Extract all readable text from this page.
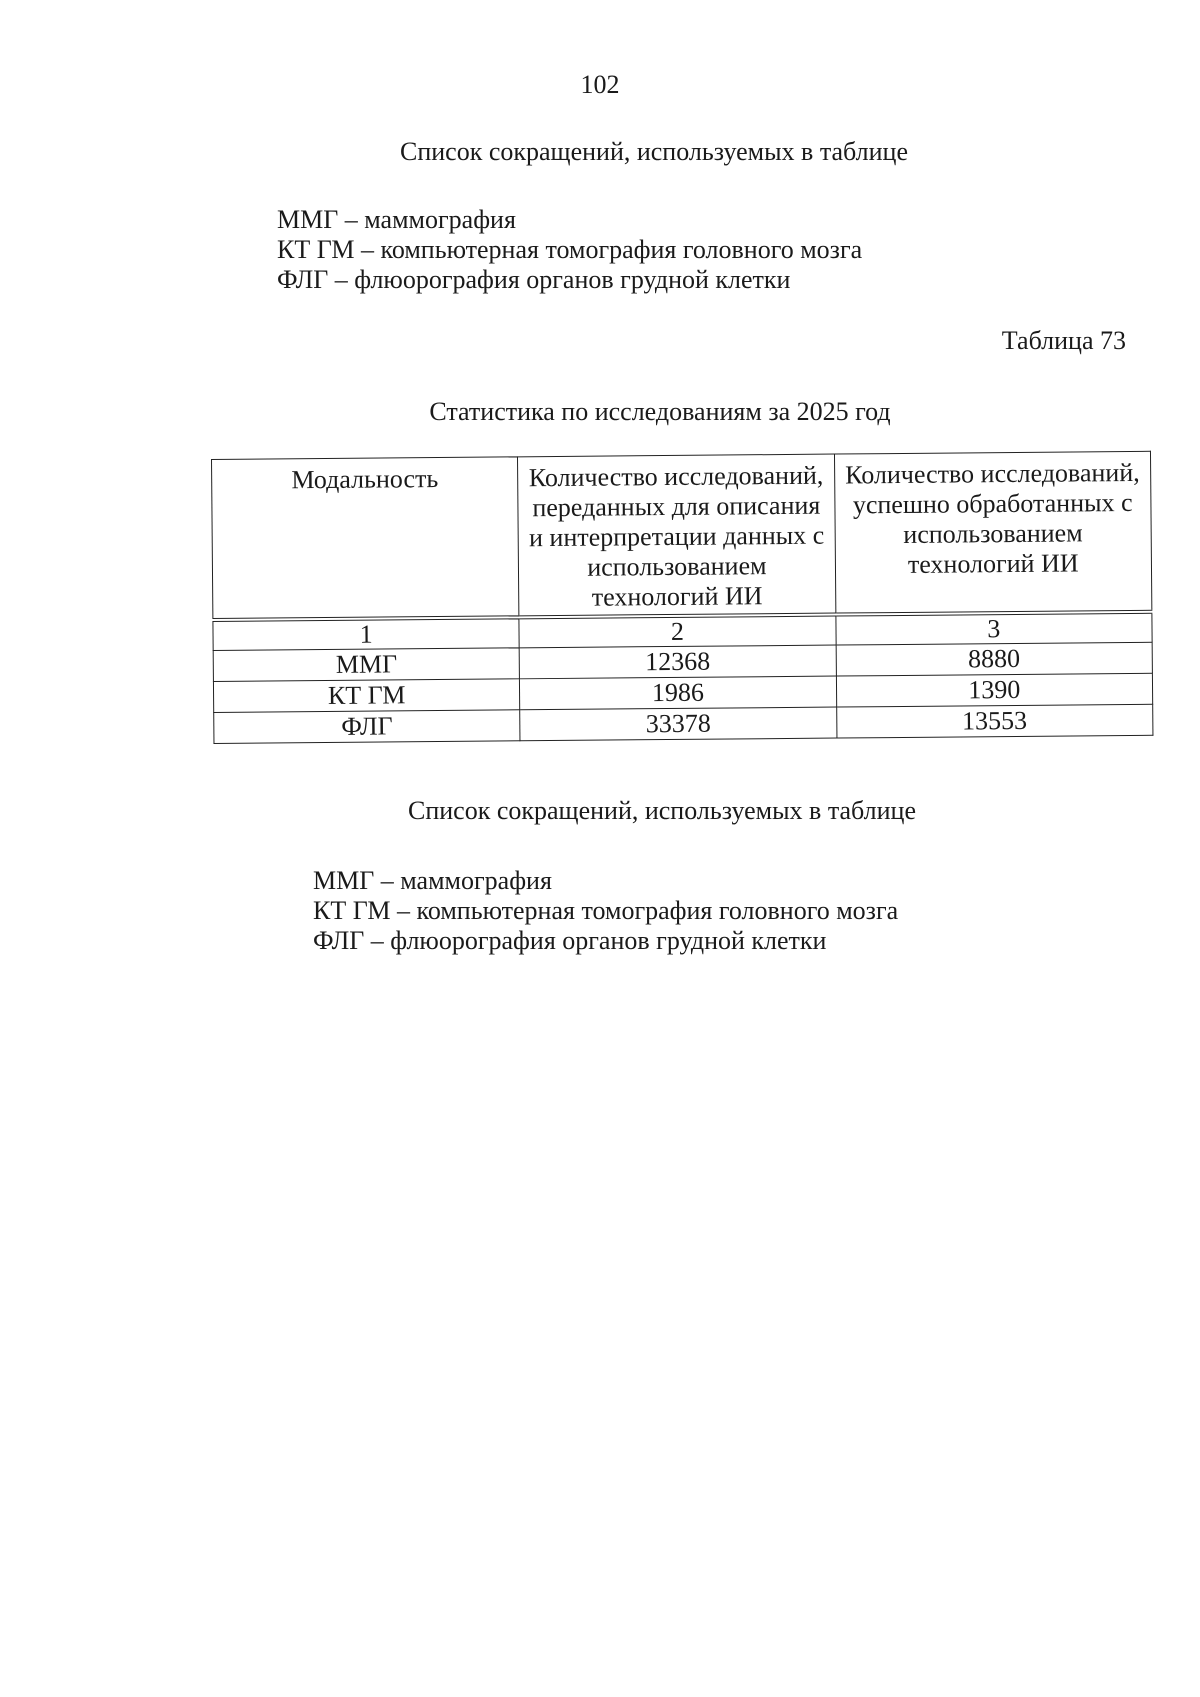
102
Список сокращений, используемых в таблице
ММГ – маммография
КТ ГМ – компьютерная томография головного мозга
ФЛГ – флюорография органов грудной клетки
Таблица 73
Статистика по исследованиям за 2025 год
Модальность	Количество исследований, переданных для описания и интерпретации данных с использованием технологий ИИ	Количество исследований, успешно обработанных с использованием технологий ИИ
1	2	3
ММГ	12368	8880
КТ ГМ	1986	1390
ФЛГ	33378	13553
Список сокращений, используемых в таблице
ММГ – маммография
КТ ГМ – компьютерная томография головного мозга
ФЛГ – флюорография органов грудной клетки
